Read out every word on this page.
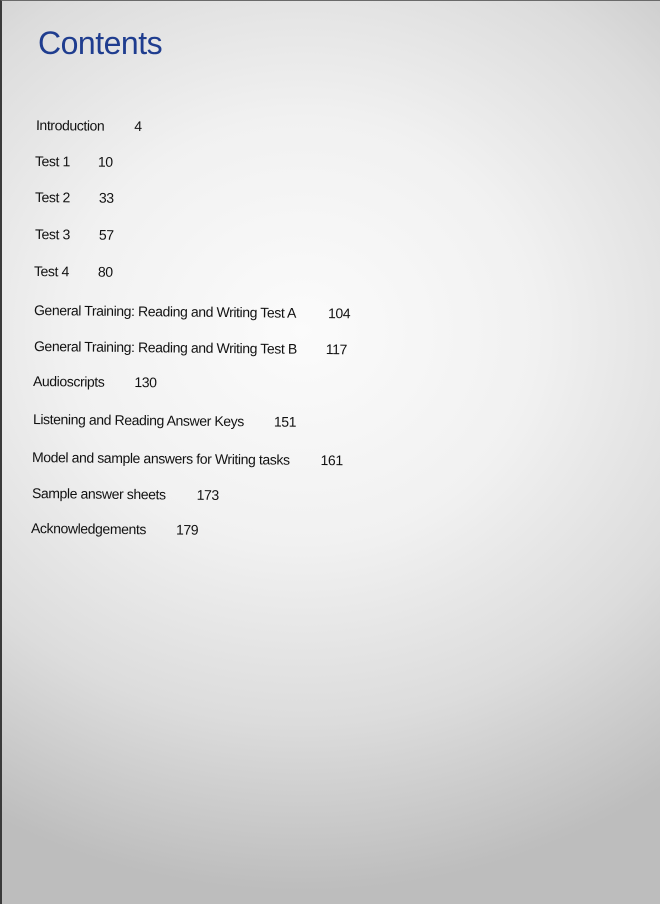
Contents
Introduction 4
Test 1 10
Test 2 33
Test 3 57
Test 4 80
General Training: Reading and Writing Test A 104
General Training: Reading and Writing Test B 117
Audioscripts 130
Listening and Reading Answer Keys 151
Model and sample answers for Writing tasks 161
Sample answer sheets 173
Acknowledgements 179
